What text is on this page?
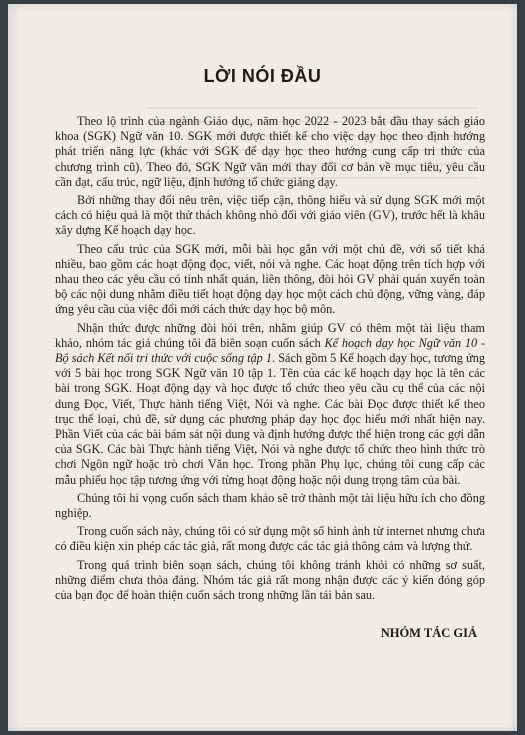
LỜI NÓI ĐẦU

Theo lộ trình của ngành Giáo dục, năm học 2022 - 2023 bắt đầu thay sách giáo khoa (SGK) Ngữ văn 10. SGK mới được thiết kế cho việc dạy học theo định hướng phát triển năng lực (khác với SGK để dạy học theo hướng cung cấp tri thức của chương trình cũ). Theo đó, SGK Ngữ văn mới thay đổi cơ bản về mục tiêu, yêu cầu cần đạt, cấu trúc, ngữ liệu, định hướng tổ chức giảng dạy.

Bởi những thay đổi nêu trên, việc tiếp cận, thông hiểu và sử dụng SGK mới một cách có hiệu quả là một thử thách không nhỏ đối với giáo viên (GV), trước hết là khâu xây dựng Kế hoạch dạy học.

Theo cấu trúc của SGK mới, mỗi bài học gắn với một chủ đề, với số tiết khá nhiều, bao gồm các hoạt động đọc, viết, nói và nghe. Các hoạt động trên tích hợp với nhau theo các yêu cầu có tính nhất quán, liên thông, đòi hỏi GV phải quán xuyến toàn bộ các nội dung nhằm điều tiết hoạt động dạy học một cách chủ động, vững vàng, đáp ứng yêu cầu của việc đổi mới cách thức dạy học bộ môn.

Nhận thức được những đòi hỏi trên, nhằm giúp GV có thêm một tài liệu tham khảo, nhóm tác giả chúng tôi đã biên soạn cuốn sách Kế hoạch dạy học Ngữ văn 10 - Bộ sách Kết nối tri thức với cuộc sống tập 1. Sách gồm 5 Kế hoạch dạy học, tương ứng với 5 bài học trong SGK Ngữ văn 10 tập 1. Tên của các kế hoạch dạy học là tên các bài trong SGK. Hoạt động dạy và học được tổ chức theo yêu cầu cụ thể của các nội dung Đọc, Viết, Thực hành tiếng Việt, Nói và nghe. Các bài Đọc được thiết kế theo trục thể loại, chủ đề, sử dụng các phương pháp dạy học đọc hiểu mới nhất hiện nay. Phần Viết của các bài bám sát nội dung và định hướng được thể hiện trong các gợi dẫn của SGK. Các bài Thực hành tiếng Việt, Nói và nghe được tổ chức theo hình thức trò chơi Ngôn ngữ hoặc trò chơi Văn học. Trong phần Phụ lục, chúng tôi cung cấp các mẫu phiếu học tập tương ứng với từng hoạt động hoặc nội dung trọng tâm của bài.

Chúng tôi hi vọng cuốn sách tham khảo sẽ trở thành một tài liệu hữu ích cho đồng nghiệp.

Trong cuốn sách này, chúng tôi có sử dụng một số hình ảnh từ internet nhưng chưa có điều kiện xin phép các tác giả, rất mong được các tác giả thông cảm và lượng thứ.

Trong quá trình biên soạn sách, chúng tôi không tránh khỏi có những sơ suất, những điểm chưa thỏa đáng. Nhóm tác giả rất mong nhận được các ý kiến đóng góp của bạn đọc để hoàn thiện cuốn sách trong những lần tái bản sau.

NHÓM TÁC GIẢ
